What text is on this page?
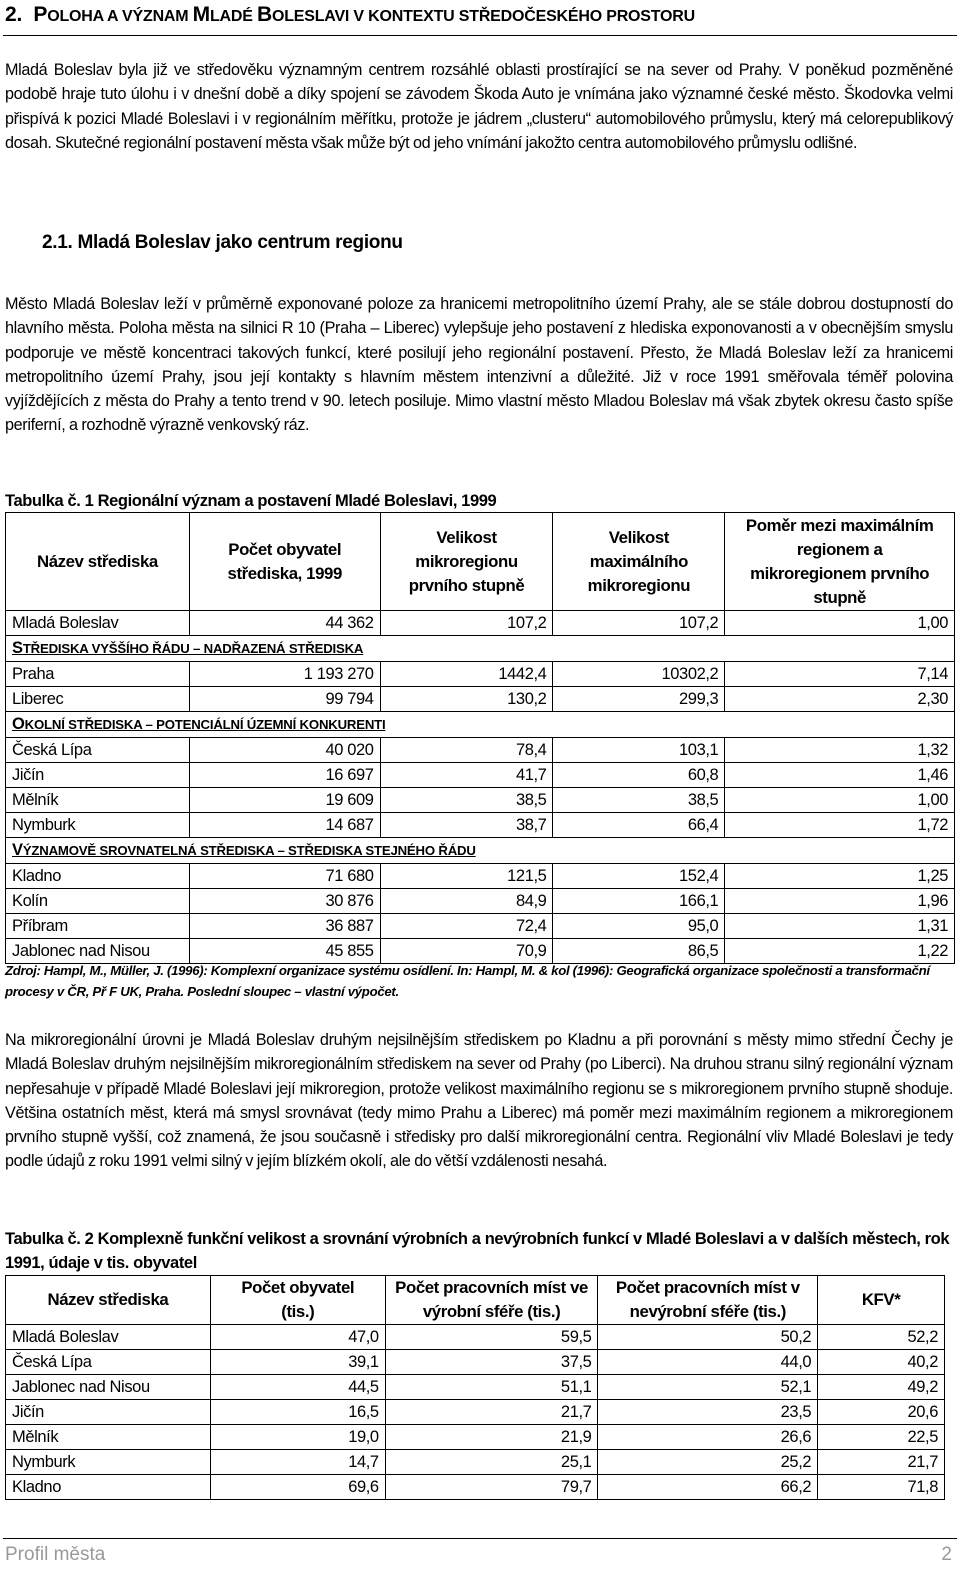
2. POLOHA A VÝZNAM MLADÉ BOLESLAVI V KONTEXTU STŘEDOČESKÉHO PROSTORU

Mladá Boleslav byla již ve středověku významným centrem rozsáhlé oblasti prostírající se na sever od Prahy. V poněkud pozměněné podobě hraje tuto úlohu i v dnešní době a díky spojení se závodem Škoda Auto je vnímána jako významné české město. Škodovka velmi přispívá k pozici Mladé Boleslavi i v regionálním měřítku, protože je jádrem „clusteru“ automobilového průmyslu, který má celorepublikový dosah. Skutečné regionální postavení města však může být od jeho vnímání jakožto centra automobilového průmyslu odlišné.

2.1. Mladá Boleslav jako centrum regionu

Město Mladá Boleslav leží v průměrně exponované poloze za hranicemi metropolitního území Prahy, ale se stále dobrou dostupností do hlavního města. Poloha města na silnici R 10 (Praha – Liberec) vylepšuje jeho postavení z hlediska exponovanosti a v obecnějším smyslu podporuje ve městě koncentraci takových funkcí, které posilují jeho regionální postavení. Přesto, že Mladá Boleslav leží za hranicemi metropolitního území Prahy, jsou její kontakty s hlavním městem intenzivní a důležité. Již v roce 1991 směřovala téměř polovina vyjíždějících z města do Prahy a tento trend v 90. letech posiluje. Mimo vlastní město Mladou Boleslav má však zbytek okresu často spíše periferní, a rozhodně výrazně venkovský ráz.

Tabulka č. 1 Regionální význam a postavení Mladé Boleslavi, 1999

Název střediska	Počet obyvatel střediska, 1999	Velikost mikroregionu prvního stupně	Velikost maximálního mikroregionu	Poměr mezi maximálním regionem a mikroregionem prvního stupně
Mladá Boleslav	44 362	107,2	107,2	1,00
STŘEDISKA VYŠŠÍHO ŘÁDU – NADŘAZENÁ STŘEDISKA				
Praha	1 193 270	1442,4	10302,2	7,14
Liberec	99 794	130,2	299,3	2,30
OKOLNÍ STŘEDISKA – POTENCIÁLNÍ ÚZEMNÍ KONKURENTI				
Česká Lípa	40 020	78,4	103,1	1,32
Jičín	16 697	41,7	60,8	1,46
Mělník	19 609	38,5	38,5	1,00
Nymburk	14 687	38,7	66,4	1,72
VÝZNAMOVĚ SROVNATELNÁ STŘEDISKA – STŘEDISKA STEJNÉHO ŘÁDU				
Kladno	71 680	121,5	152,4	1,25
Kolín	30 876	84,9	166,1	1,96
Příbram	36 887	72,4	95,0	1,31
Jablonec nad Nisou	45 855	70,9	86,5	1,22

Zdroj: Hampl, M., Müller, J. (1996): Komplexní organizace systému osídlení. In: Hampl, M. & kol (1996): Geografická organizace společnosti a transformační procesy v ČR, Př F UK, Praha. Poslední sloupec – vlastní výpočet.

Na mikroregionální úrovni je Mladá Boleslav druhým nejsilnějším střediskem po Kladnu a při porovnání s městy mimo střední Čechy je Mladá Boleslav druhým nejsilnějším mikroregionálním střediskem na sever od Prahy (po Liberci). Na druhou stranu silný regionální význam nepřesahuje v případě Mladé Boleslavi její mikroregion, protože velikost maximálního regionu se s mikroregionem prvního stupně shoduje. Většina ostatních měst, která má smysl srovnávat (tedy mimo Prahu a Liberec) má poměr mezi maximálním regionem a mikroregionem prvního stupně vyšší, což znamená, že jsou současně i středisky pro další mikroregionální centra. Regionální vliv Mladé Boleslavi je tedy podle údajů z roku 1991 velmi silný v jejím blízkém okolí, ale do větší vzdálenosti nesahá.

Tabulka č. 2 Komplexně funkční velikost a srovnání výrobních a nevýrobních funkcí v Mladé Boleslavi a v dalších městech, rok 1991, údaje v tis. obyvatel

Název střediska	Počet obyvatel (tis.)	Počet pracovních míst ve výrobní sféře (tis.)	Počet pracovních míst v nevýrobní sféře (tis.)	KFV*
Mladá Boleslav	47,0	59,5	50,2	52,2
Česká Lípa	39,1	37,5	44,0	40,2
Jablonec nad Nisou	44,5	51,1	52,1	49,2
Jičín	16,5	21,7	23,5	20,6
Mělník	19,0	21,9	26,6	22,5
Nymburk	14,7	25,1	25,2	21,7
Kladno	69,6	79,7	66,2	71,8
Profil města	2
